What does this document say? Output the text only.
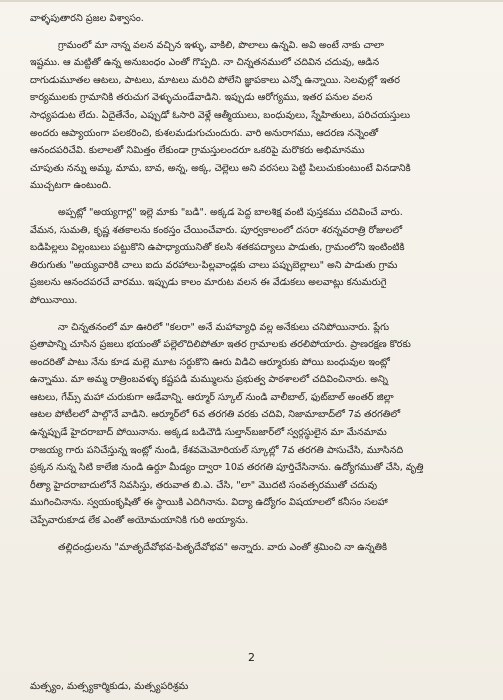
వాళ్ళపుతారని ప్రజల విశ్వాసం.
గ్రామంలో మా నాన్న వలన వచ్చిన ఇళ్ళు, వాకిలి, పొలాలు ఉన్నవి. అవి అంటే నాకు చాలా
ఇష్టము. ఆ మట్టితో ఉన్న అనుబంధం ఎంతో గొప్పది. నా చిన్నతనములో చదివిన చదువు, ఆడిన
దాగుడుమూతల ఆటలు, పాటలు, మాటలు మరిచి పోలేని జ్ఞాపకాలు ఎన్నో ఉన్నాయి. సెలవుల్లో ఇతర
కార్యములకు గ్రామానికి తరుచుగ వెళ్ళుచుండేవాడిని. ఇప్పుడు ఆరోగ్యము, ఇతర పనుల వలన
సాధ్యపడుట లేదు. ఏదైతేనేం, ఎప్పుడో ఓసారి వెళ్లే ఆత్మీయులు, బంధువులు, స్నేహితులు, పరిచయస్తులు
అందరు ఆప్యాయంగా పలకరించి, కుశలమడుగుచుందురు. వారి అనురాగము, ఆదరణ నన్నెంతో
ఆనందపరిచేవి. కులాలతో నిమిత్తం లేకుండా గ్రామస్తులందరూ ఒకరిపై మరొకరు అభిమానము
చూపుతు నన్ను అమ్మ, మామ, బావ, అన్న, అక్క, చెల్లెలు అని వరసలు పెట్టి పిలుచుకుంటుంటే వినడానికి
ముచ్చటగా ఉంటుంది.
అప్పట్లో "అయ్యగార్ల" ఇల్లె మాకు "బడి". అక్కడ పెద్ద బాలశిక్ష వంటి పుస్తకము చదివించే వారు.
వేమన, సుమతి, కృష్ణ శతకాలను కంఠస్తం చేయించేవారు. పూర్వకాలంలో దసరా శరన్నవరాత్రి రోజులలో
బడిపిల్లలు విల్లంబులు పట్టుకొని ఉపాధ్యాయునితో కలసి శతకపద్యాలు పాడుతు, గ్రామంలోని ఇంటింటికి
తిరుగుతు "అయ్యవారికి చాలు ఐదు వరహాలు-పిల్లవాండ్లకు చాలు పప్పుబెల్లాలు" అని పాడుతు గ్రామ
ప్రజలను ఆనందపరచే వారము. ఇప్పుడు కాలం మారుట వలన ఈ వేడుకలు అలవాట్లు కనుమరుగై
పోయినాయి.
నా చిన్నతనంలో మా ఊరిలో "కలరా" అనే మహావ్యాధి వల్ల అనేకులు చనిపోయినారు. ప్లేగు
ప్రతాపాన్ని చూసిన ప్రజలు భయంతో పల్లెలొదిలిపోతూ ఇతర గ్రామాలకు తరలిపోయారు. ప్రాణరక్షణ కొరకు
అందరితో పాటు నేను కూడ మల్లె మూట సర్దుకొని ఊరు విడిచి ఆర్మూరుకు పోయి బంధువుల ఇంట్లో
ఉన్నాము. మా అమ్మ రాత్రింబవళ్ళు కష్టపడి మమ్ములను ప్రభుత్వ పాఠశాలలో చదివించినారు. అన్ని
ఆటలు, గేమ్స్ మహా చురుకుగా ఆడేవాన్ని. ఆర్మూర్ స్కూల్ నుండి వాలీబాల్, ఫుట్‌బాల్ అంతర్ జిల్లా
ఆటల పోటీలలో పాల్గొనే వాడిని. ఆర్మూర్‌లో 6వ తరగతి వరకు చదివి, నిజామాబాద్‌లో 7వ తరగతిలో
ఉన్నప్పుడే హైదరాబాద్ పోయినాను. అక్కడ బడిచౌడి సుల్తాన్‌బజార్‌లో స్వర్గస్థులైన మా మేనమామ
రాజయ్య గారు పనిచేస్తున్న ఇంట్లో నుండి, కేశవమెమోరియల్ స్కూల్లో 7వ తరగతి పాసుచేసి, మూసినది
ప్రక్కన నున్న సిటి కాలేజి నుండి ఉర్దూ మీడ్యం ద్వారా 10వ తరగతి పూర్తిచేసినాను. ఉద్యోగముతో చేసి, వృత్తి
రీత్యా హైదరాబాదులోనే నివసిస్తు, తరువాత బి.ఎ. చేసి, "లా" మొదటి సంవత్సరముతో చదువు
ముగించినాను. స్వయంకృషితో ఈ స్థాయికి ఎదిగినాను. విద్యా ఉద్యోగం విషయాలలో కనీసం సలహా
చెప్పేవారుకూడ లేక ఎంతో అయోమయానికి గురి అయ్యాను.
తల్లిదండ్రులను "మాతృదేవోభవ-పితృదేవోభవ" అన్నారు. వారు ఎంతో శ్రమించి నా ఉన్నతికి
2
మత్స్యం, మత్స్యకార్మికుడు, మత్స్యపరిశ్రమ
